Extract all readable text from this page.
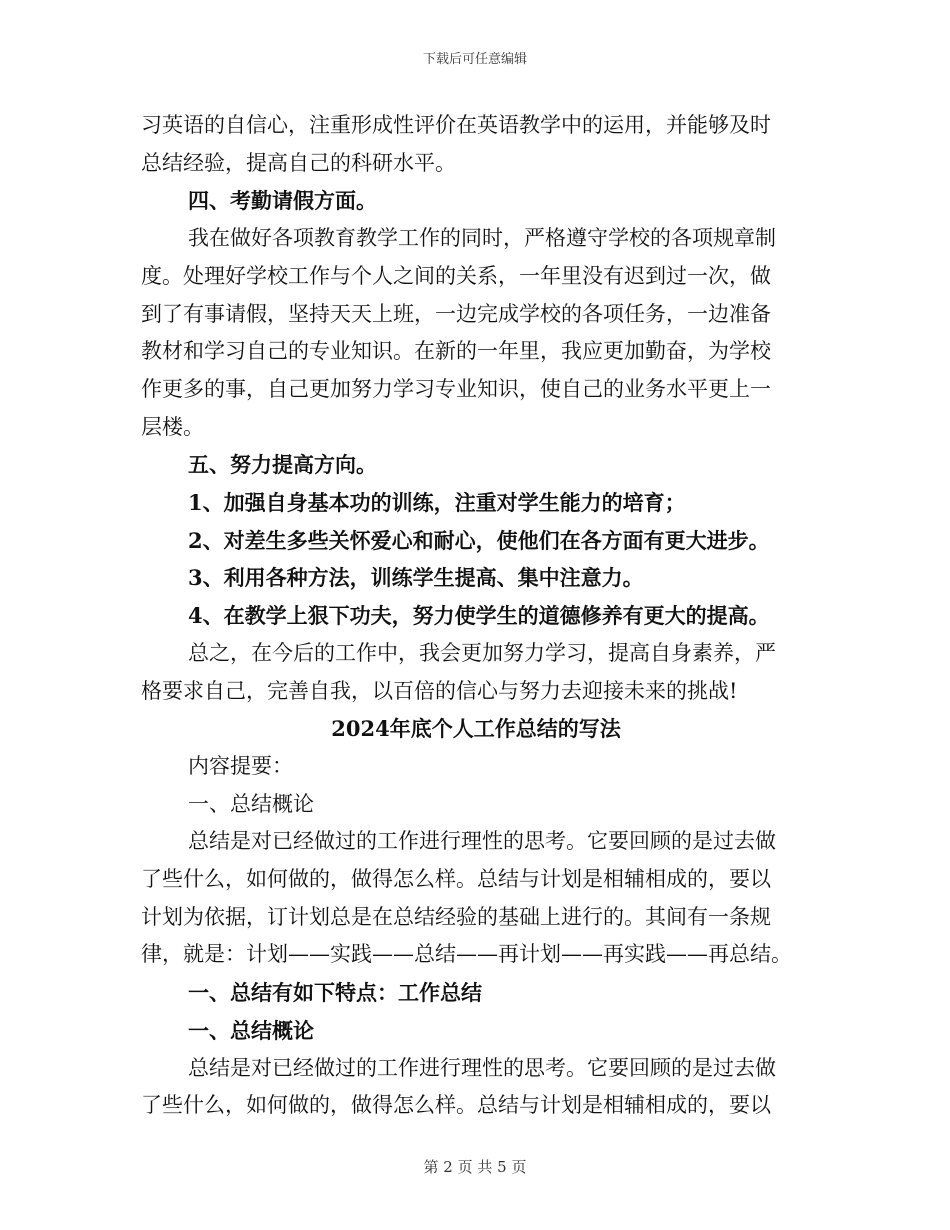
下载后可任意编辑

习英语的自信心，注重形成性评价在英语教学中的运用，并能够及时

总结经验，提高自己的科研水平。

四、考勤请假方面。

我在做好各项教育教学工作的同时，严格遵守学校的各项规章制

度。处理好学校工作与个人之间的关系，一年里没有迟到过一次，做

到了有事请假，坚持天天上班，一边完成学校的各项任务，一边准备

教材和学习自己的专业知识。在新的一年里，我应更加勤奋，为学校

作更多的事，自己更加努力学习专业知识，使自己的业务水平更上一

层楼。

五、努力提高方向。

1、加强自身基本功的训练，注重对学生能力的培育；

2、对差生多些关怀爱心和耐心，使他们在各方面有更大进步。

3、利用各种方法，训练学生提高、集中注意力。

4、在教学上狠下功夫，努力使学生的道德修养有更大的提高。

总之，在今后的工作中，我会更加努力学习，提高自身素养，严

格要求自己，完善自我，以百倍的信心与努力去迎接未来的挑战!

2024年底个人工作总结的写法

内容提要：

一、总结概论

总结是对已经做过的工作进行理性的思考。它要回顾的是过去做

了些什么，如何做的，做得怎么样。总结与计划是相辅相成的，要以

计划为依据，订计划总是在总结经验的基础上进行的。其间有一条规

律，就是：计划——实践——总结——再计划——再实践——再总结。

一、总结有如下特点：工作总结

一、总结概论

总结是对已经做过的工作进行理性的思考。它要回顾的是过去做

了些什么，如何做的，做得怎么样。总结与计划是相辅相成的，要以

第 2 页 共 5 页
